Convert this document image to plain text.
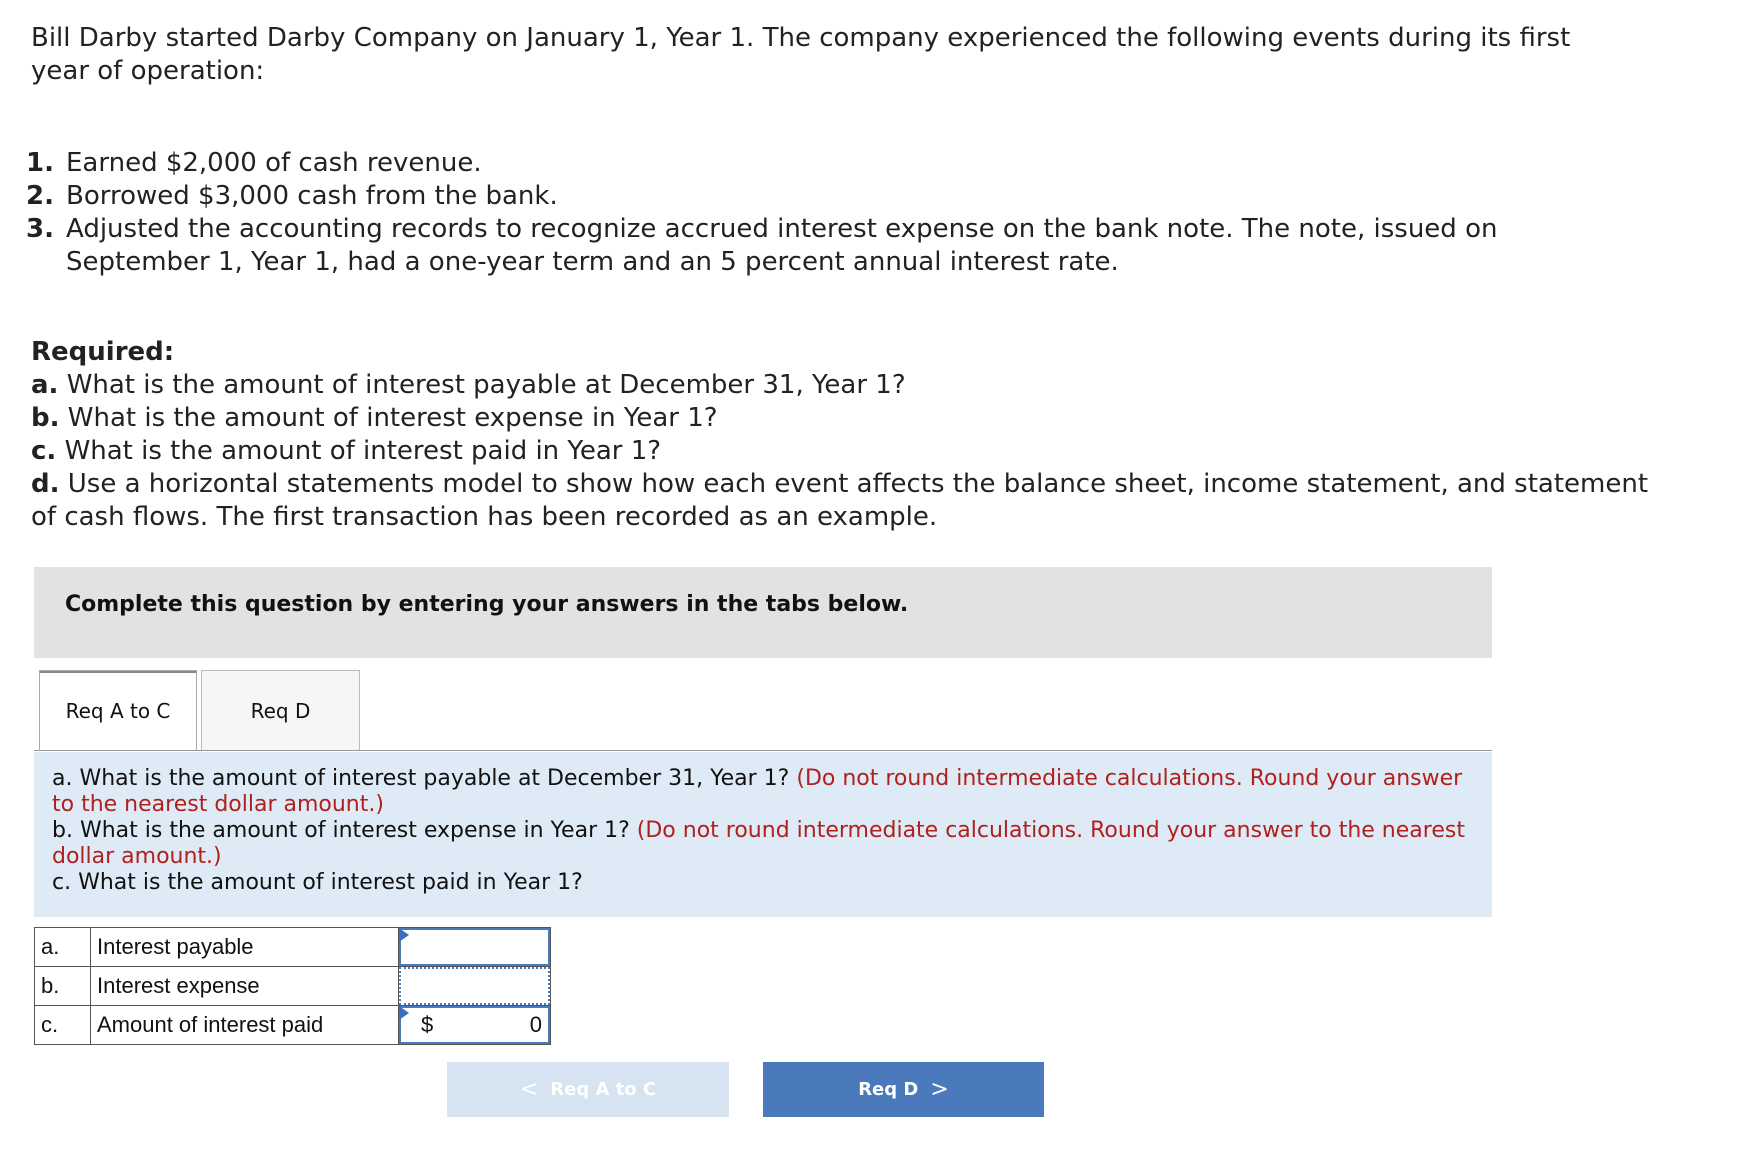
Bill Darby started Darby Company on January 1, Year 1. The company experienced the following events during its first year of operation:

1. Earned $2,000 of cash revenue.
2. Borrowed $3,000 cash from the bank.
3. Adjusted the accounting records to recognize accrued interest expense on the bank note. The note, issued on September 1, Year 1, had a one-year term and an 5 percent annual interest rate.
Required:
a. What is the amount of interest payable at December 31, Year 1?
b. What is the amount of interest expense in Year 1?
c. What is the amount of interest paid in Year 1?
d. Use a horizontal statements model to show how each event affects the balance sheet, income statement, and statement of cash flows. The first transaction has been recorded as an example.
Complete this question by entering your answers in the tabs below.
Req A to C	Req D
a. What is the amount of interest payable at December 31, Year 1? (Do not round intermediate calculations. Round your answer to the nearest dollar amount.)
b. What is the amount of interest expense in Year 1? (Do not round intermediate calculations. Round your answer to the nearest dollar amount.)
c. What is the amount of interest paid in Year 1?
a.	Interest payable	

b.	Interest expense	

c.	Amount of interest paid	$ 0
< Req A to C	Req D >
